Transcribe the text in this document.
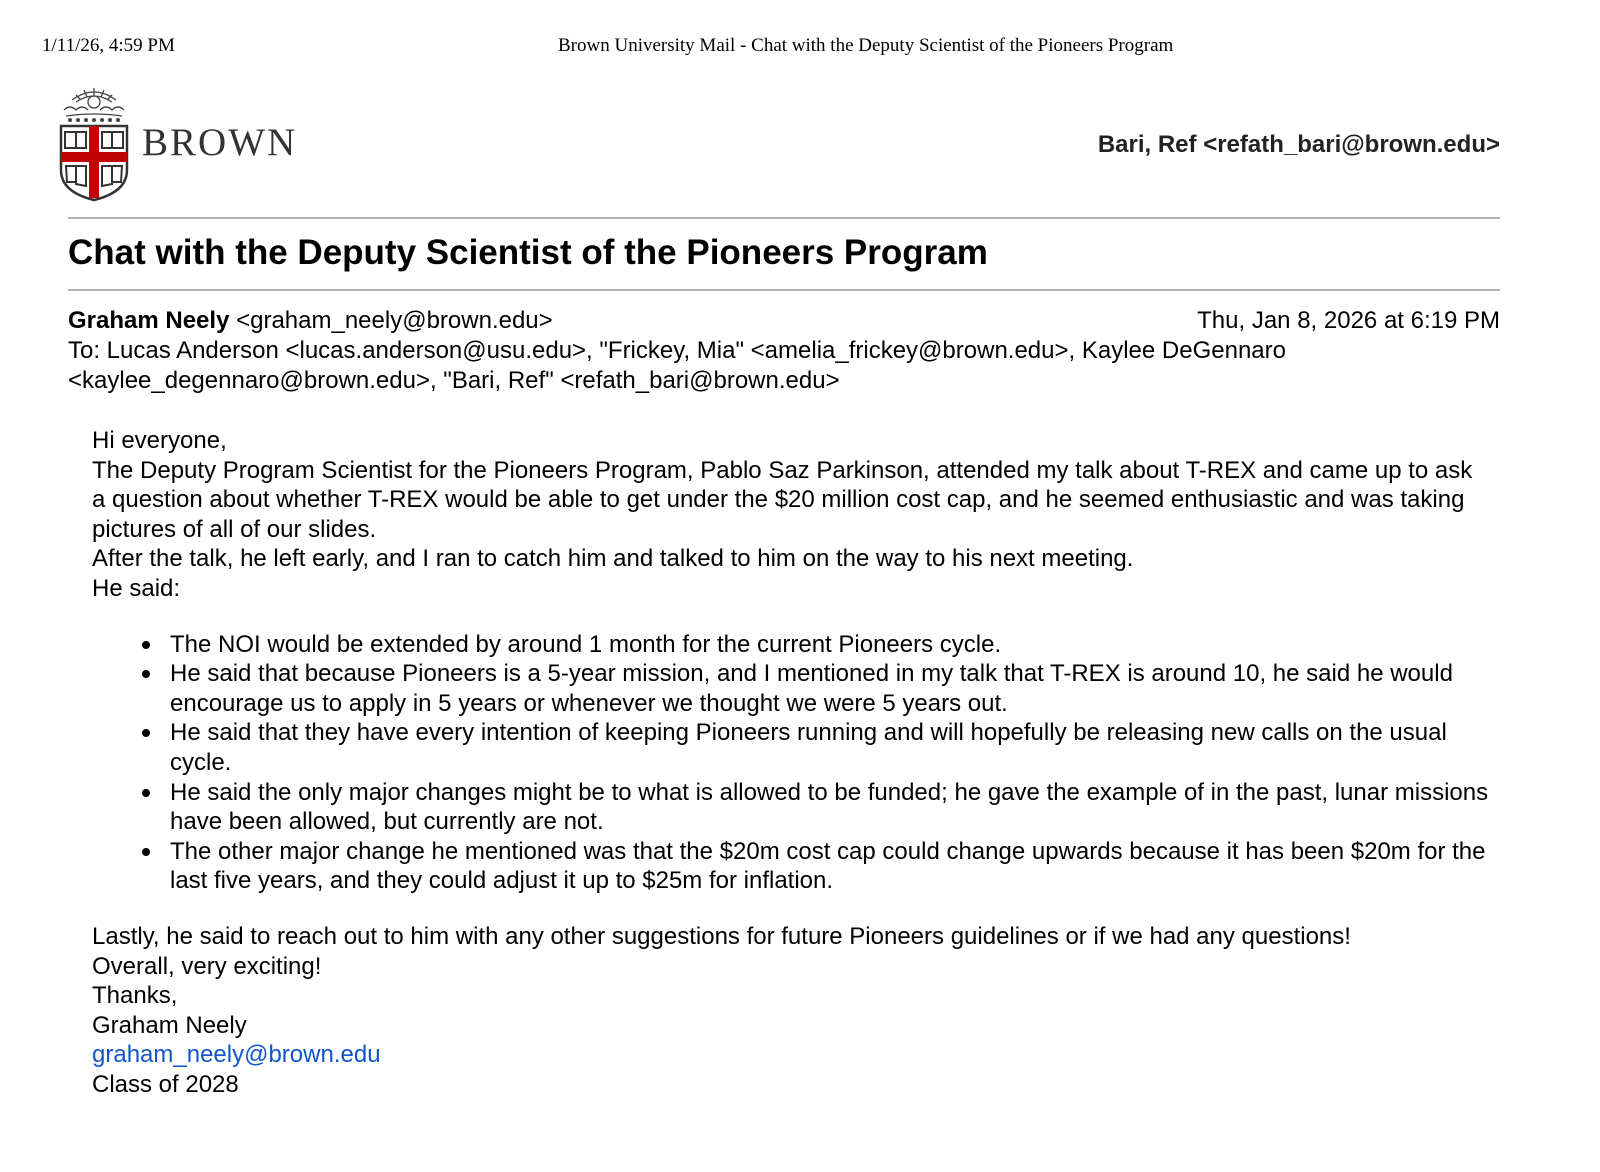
1/11/26, 4:59 PM	Brown University Mail - Chat with the Deputy Scientist of the Pioneers Program
BROWN	Bari, Ref <refath_bari@brown.edu>
Chat with the Deputy Scientist of the Pioneers Program
Graham Neely <graham_neely@brown.edu>	Thu, Jan 8, 2026 at 6:19 PM
To: Lucas Anderson <lucas.anderson@usu.edu>, "Frickey, Mia" <amelia_frickey@brown.edu>, Kaylee DeGennaro <kaylee_degennaro@brown.edu>, "Bari, Ref" <refath_bari@brown.edu>

Hi everyone,

The Deputy Program Scientist for the Pioneers Program, Pablo Saz Parkinson, attended my talk about T-REX and came up to ask a question about whether T-REX would be able to get under the $20 million cost cap, and he seemed enthusiastic and was taking pictures of all of our slides.

After the talk, he left early, and I ran to catch him and talked to him on the way to his next meeting.

He said:

The NOI would be extended by around 1 month for the current Pioneers cycle.
He said that because Pioneers is a 5-year mission, and I mentioned in my talk that T-REX is around 10, he said he would encourage us to apply in 5 years or whenever we thought we were 5 years out.
He said that they have every intention of keeping Pioneers running and will hopefully be releasing new calls on the usual cycle.
He said the only major changes might be to what is allowed to be funded; he gave the example of in the past, lunar missions have been allowed, but currently are not.
The other major change he mentioned was that the $20m cost cap could change upwards because it has been $20m for the last five years, and they could adjust it up to $25m for inflation.

Lastly, he said to reach out to him with any other suggestions for future Pioneers guidelines or if we had any questions!

Overall, very exciting!

Thanks,

Graham Neely

graham_neely@brown.edu

Class of 2028
